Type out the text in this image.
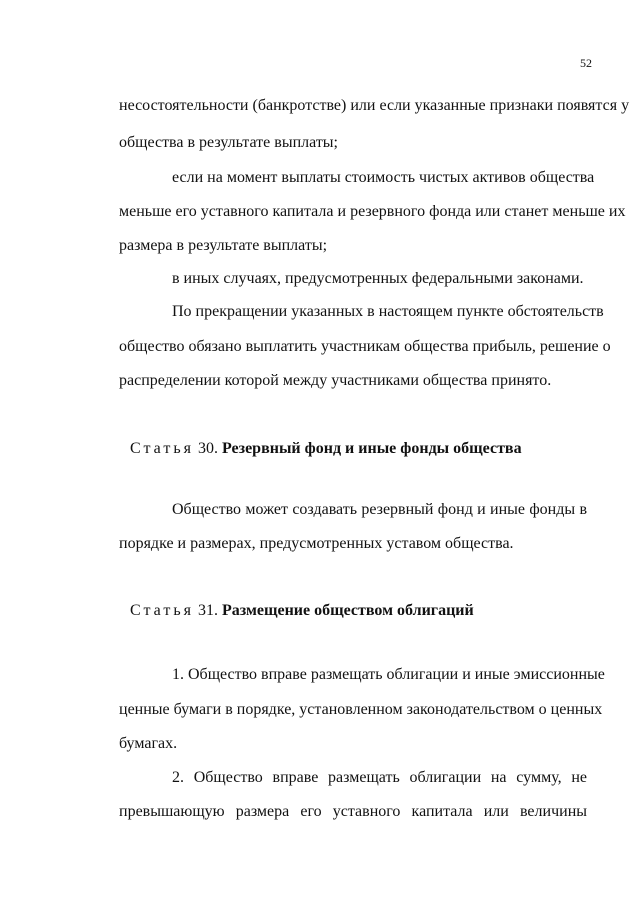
52
несостоятельности (банкротстве) или если указанные признаки появятся у
общества в результате выплаты;
если на момент выплаты стоимость чистых активов общества
меньше его уставного капитала и резервного фонда или станет меньше их
размера в результате выплаты;
в иных случаях, предусмотренных федеральными законами.
По прекращении указанных в настоящем пункте обстоятельств
общество обязано выплатить участникам общества прибыль, решение о
распределении которой между участниками общества принято.
Статья 30. Резервный фонд и иные фонды общества
Общество может создавать резервный фонд и иные фонды в
порядке и размерах, предусмотренных уставом общества.
Статья 31. Размещение обществом облигаций
1. Общество вправе размещать облигации и иные эмиссионные
ценные бумаги в порядке, установленном законодательством о ценных
бумагах.
2. Общество вправе размещать облигации на сумму, не
превышающую размера его уставного капитала или величины
